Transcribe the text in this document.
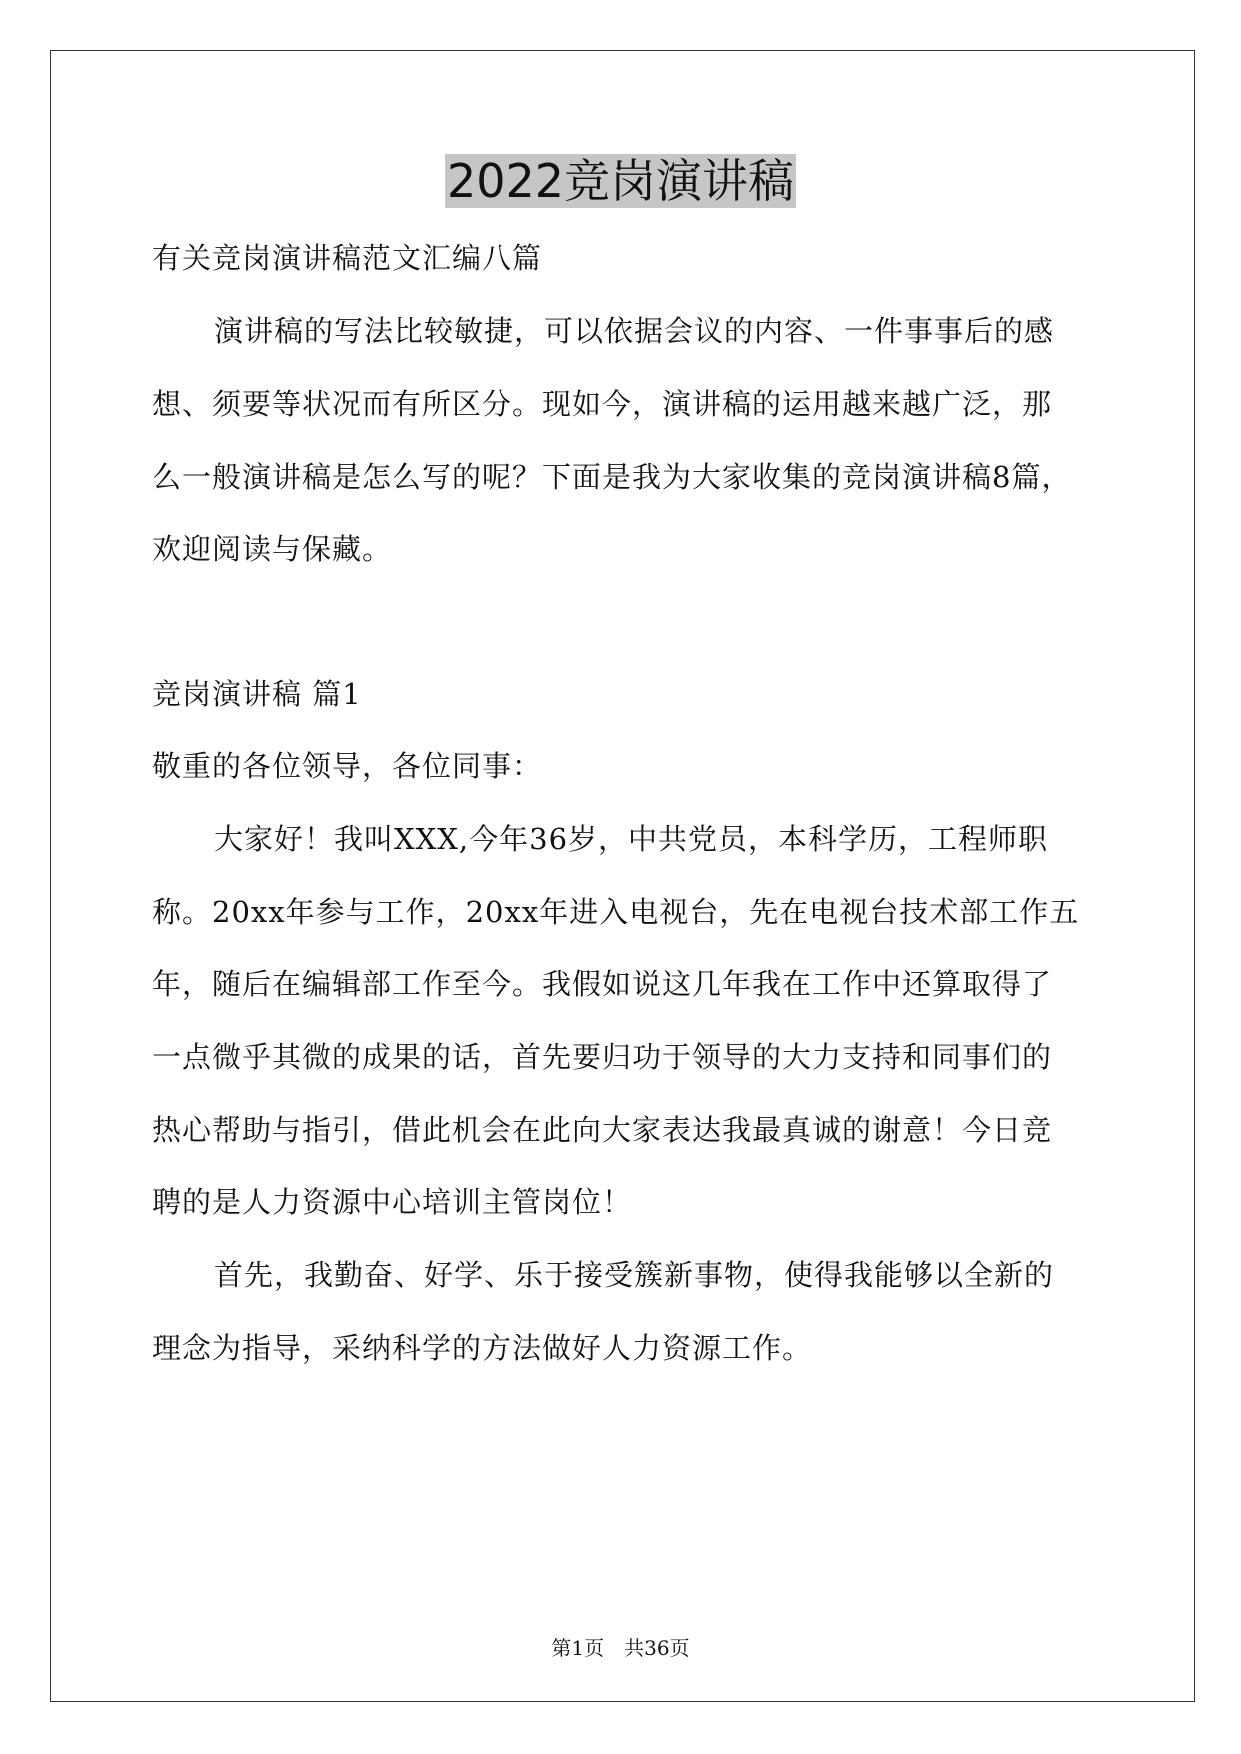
2022竞岗演讲稿
有关竞岗演讲稿范文汇编八篇
演讲稿的写法比较敏捷，可以依据会议的内容、一件事事后的感
想、须要等状况而有所区分。现如今，演讲稿的运用越来越广泛，那
么一般演讲稿是怎么写的呢？下面是我为大家收集的竞岗演讲稿8篇，
欢迎阅读与保藏。
竞岗演讲稿 篇1
敬重的各位领导，各位同事：
大家好！我叫XXX,今年36岁，中共党员，本科学历，工程师职
称。20xx年参与工作，20xx年进入电视台，先在电视台技术部工作五
年，随后在编辑部工作至今。我假如说这几年我在工作中还算取得了
一点微乎其微的成果的话，首先要归功于领导的大力支持和同事们的
热心帮助与指引，借此机会在此向大家表达我最真诚的谢意！今日竞
聘的是人力资源中心培训主管岗位！
首先，我勤奋、好学、乐于接受簇新事物，使得我能够以全新的
理念为指导，采纳科学的方法做好人力资源工作。
第1页　共36页
